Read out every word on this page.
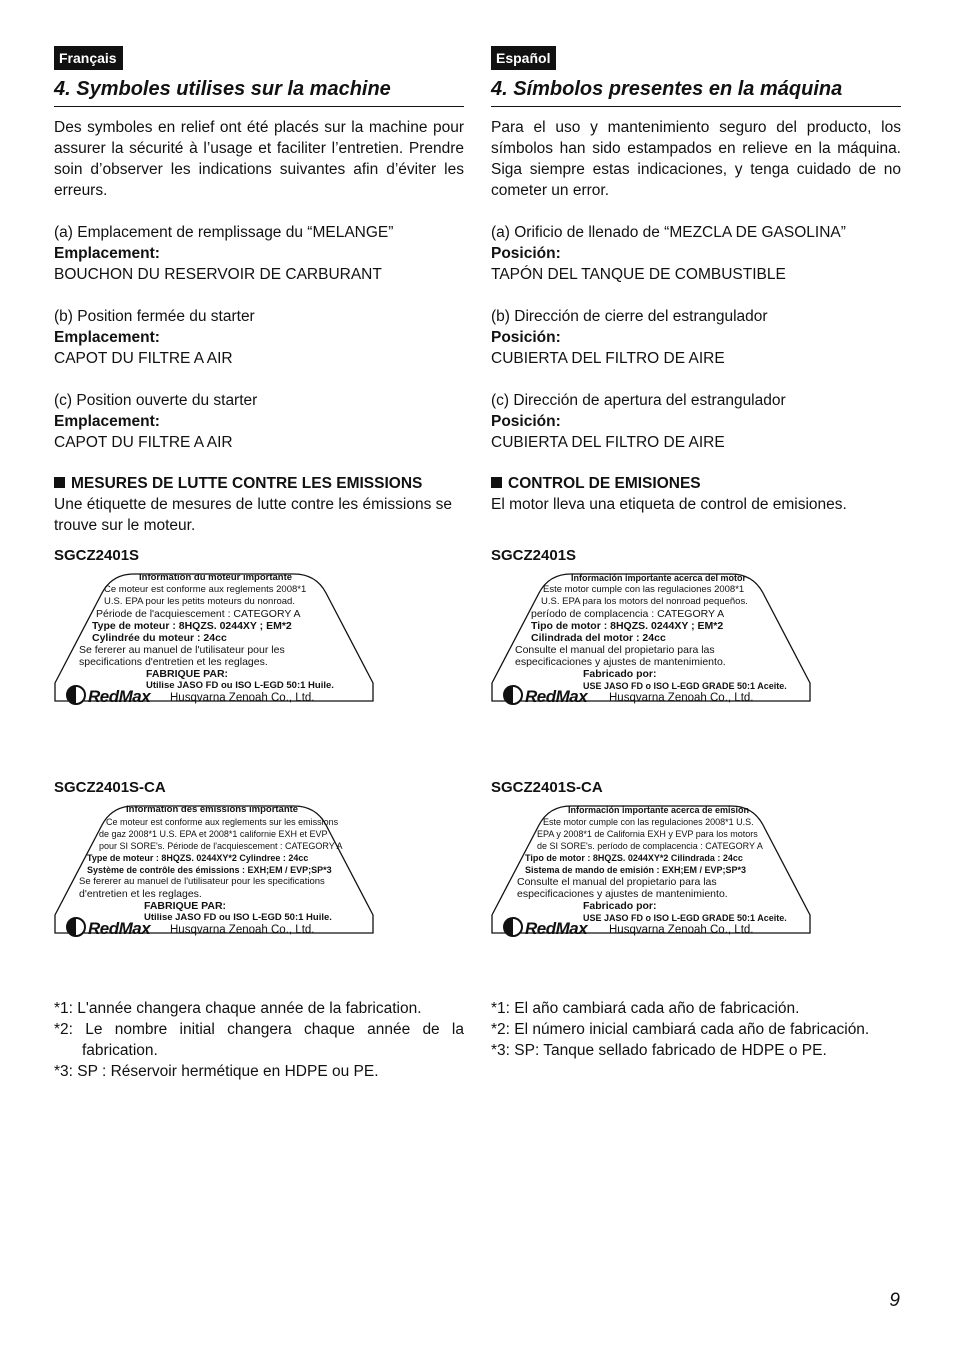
Français
4. Symboles utilises sur la machine

Des symboles en relief ont été placés sur la machine pour assurer la sécurité à l’usage et faciliter l’entretien. Prendre soin d’observer les indications suivantes afin d’éviter les erreurs.

(a) Emplacement de remplissage du “MELANGE”

Emplacement:

BOUCHON DU RESERVOIR DE CARBURANT

(b) Position fermée du starter

Emplacement:

CAPOT DU FILTRE A AIR

(c) Position ouverte du starter

Emplacement:

CAPOT DU FILTRE A AIR

MESURES DE LUTTE CONTRE LES EMISSIONS

Une étiquette de mesures de lutte contre les émissions se trouve sur le moteur.

SGCZ2401S
Information du moteur importante
Ce moteur est conforme aux reglements 2008*1
U.S. EPA pour les petits moteurs du nonroad.
Période de l'acquiescement : CATEGORY A
Type de moteur : 8HQZS. 0244XY ; EM*2
Cylindrée du moteur : 24cc
Se fererer au manuel de l'utilisateur pour les
specifications d'entretien et les reglages.
FABRIQUE PAR:
Utilise JASO FD ou ISO L-EGD 50:1 Huile.
RedMax Husqvarna Zenoah Co., Ltd.
SGCZ2401S-CA
Information des émissions importante
Ce moteur est conforme aux reglements sur les emissions
de gaz 2008*1 U.S. EPA et 2008*1 californie EXH et EVP
pour SI SORE's. Période de l'acquiescement : CATEGORY A
Type de moteur : 8HQZS. 0244XY*2 Cylindree : 24cc
Système de contrôle des émissions : EXH;EM / EVP;SP*3
Se fererer au manuel de l'utilisateur pour les specifications
d'entretien et les reglages.
FABRIQUE PAR:
Utilise JASO FD ou ISO L-EGD 50:1 Huile.
RedMax Husqvarna Zenoah Co., Ltd.
*1: L'année changera chaque année de la fabrication.
*2: Le nombre initial changera chaque année de la fabrication.
*3: SP : Réservoir hermétique en HDPE ou PE.
Español
4. Símbolos presentes en la máquina

Para el uso y mantenimiento seguro del producto, los símbolos han sido estampados en relieve en la máquina. Siga siempre estas indicaciones, y tenga cuidado de no cometer un error.

(a) Orificio de llenado de “MEZCLA DE GASOLINA”

Posición:

TAPÓN DEL TANQUE DE COMBUSTIBLE

(b) Dirección de cierre del estrangulador

Posición:

CUBIERTA DEL FILTRO DE AIRE

(c) Dirección de apertura del estrangulador

Posición:

CUBIERTA DEL FILTRO DE AIRE

CONTROL DE EMISIONES

El motor lleva una etiqueta de control de emisiones.

SGCZ2401S
Información importante acerca del motor
Este motor cumple con las regulaciones 2008*1
U.S. EPA para los motors del nonroad pequeños.
período de complacencia : CATEGORY A
Tipo de motor : 8HQZS. 0244XY ; EM*2
Cilindrada del motor : 24cc
Consulte el manual del propietario para las
especificaciones y ajustes de mantenimiento.
Fabricado por:
USE JASO FD o ISO L-EGD GRADE 50:1 Aceite.
RedMax Husqvarna Zenoah Co., Ltd.
SGCZ2401S-CA
Información importante acerca de emisión
Este motor cumple con las regulaciones 2008*1 U.S.
EPA y 2008*1 de California EXH y EVP para los motors
de SI SORE's. período de complacencia : CATEGORY A
Tipo de motor : 8HQZS. 0244XY*2 Cilindrada : 24cc
Sistema de mando de emisión : EXH;EM / EVP;SP*3
Consulte el manual del propietario para las
especificaciones y ajustes de mantenimiento.
Fabricado por:
USE JASO FD o ISO L-EGD GRADE 50:1 Aceite.
RedMax Husqvarna Zenoah Co., Ltd.
*1: El año cambiará cada año de fabricación.
*2: El número inicial cambiará cada año de fabricación.
*3: SP: Tanque sellado fabricado de HDPE o PE.
9
